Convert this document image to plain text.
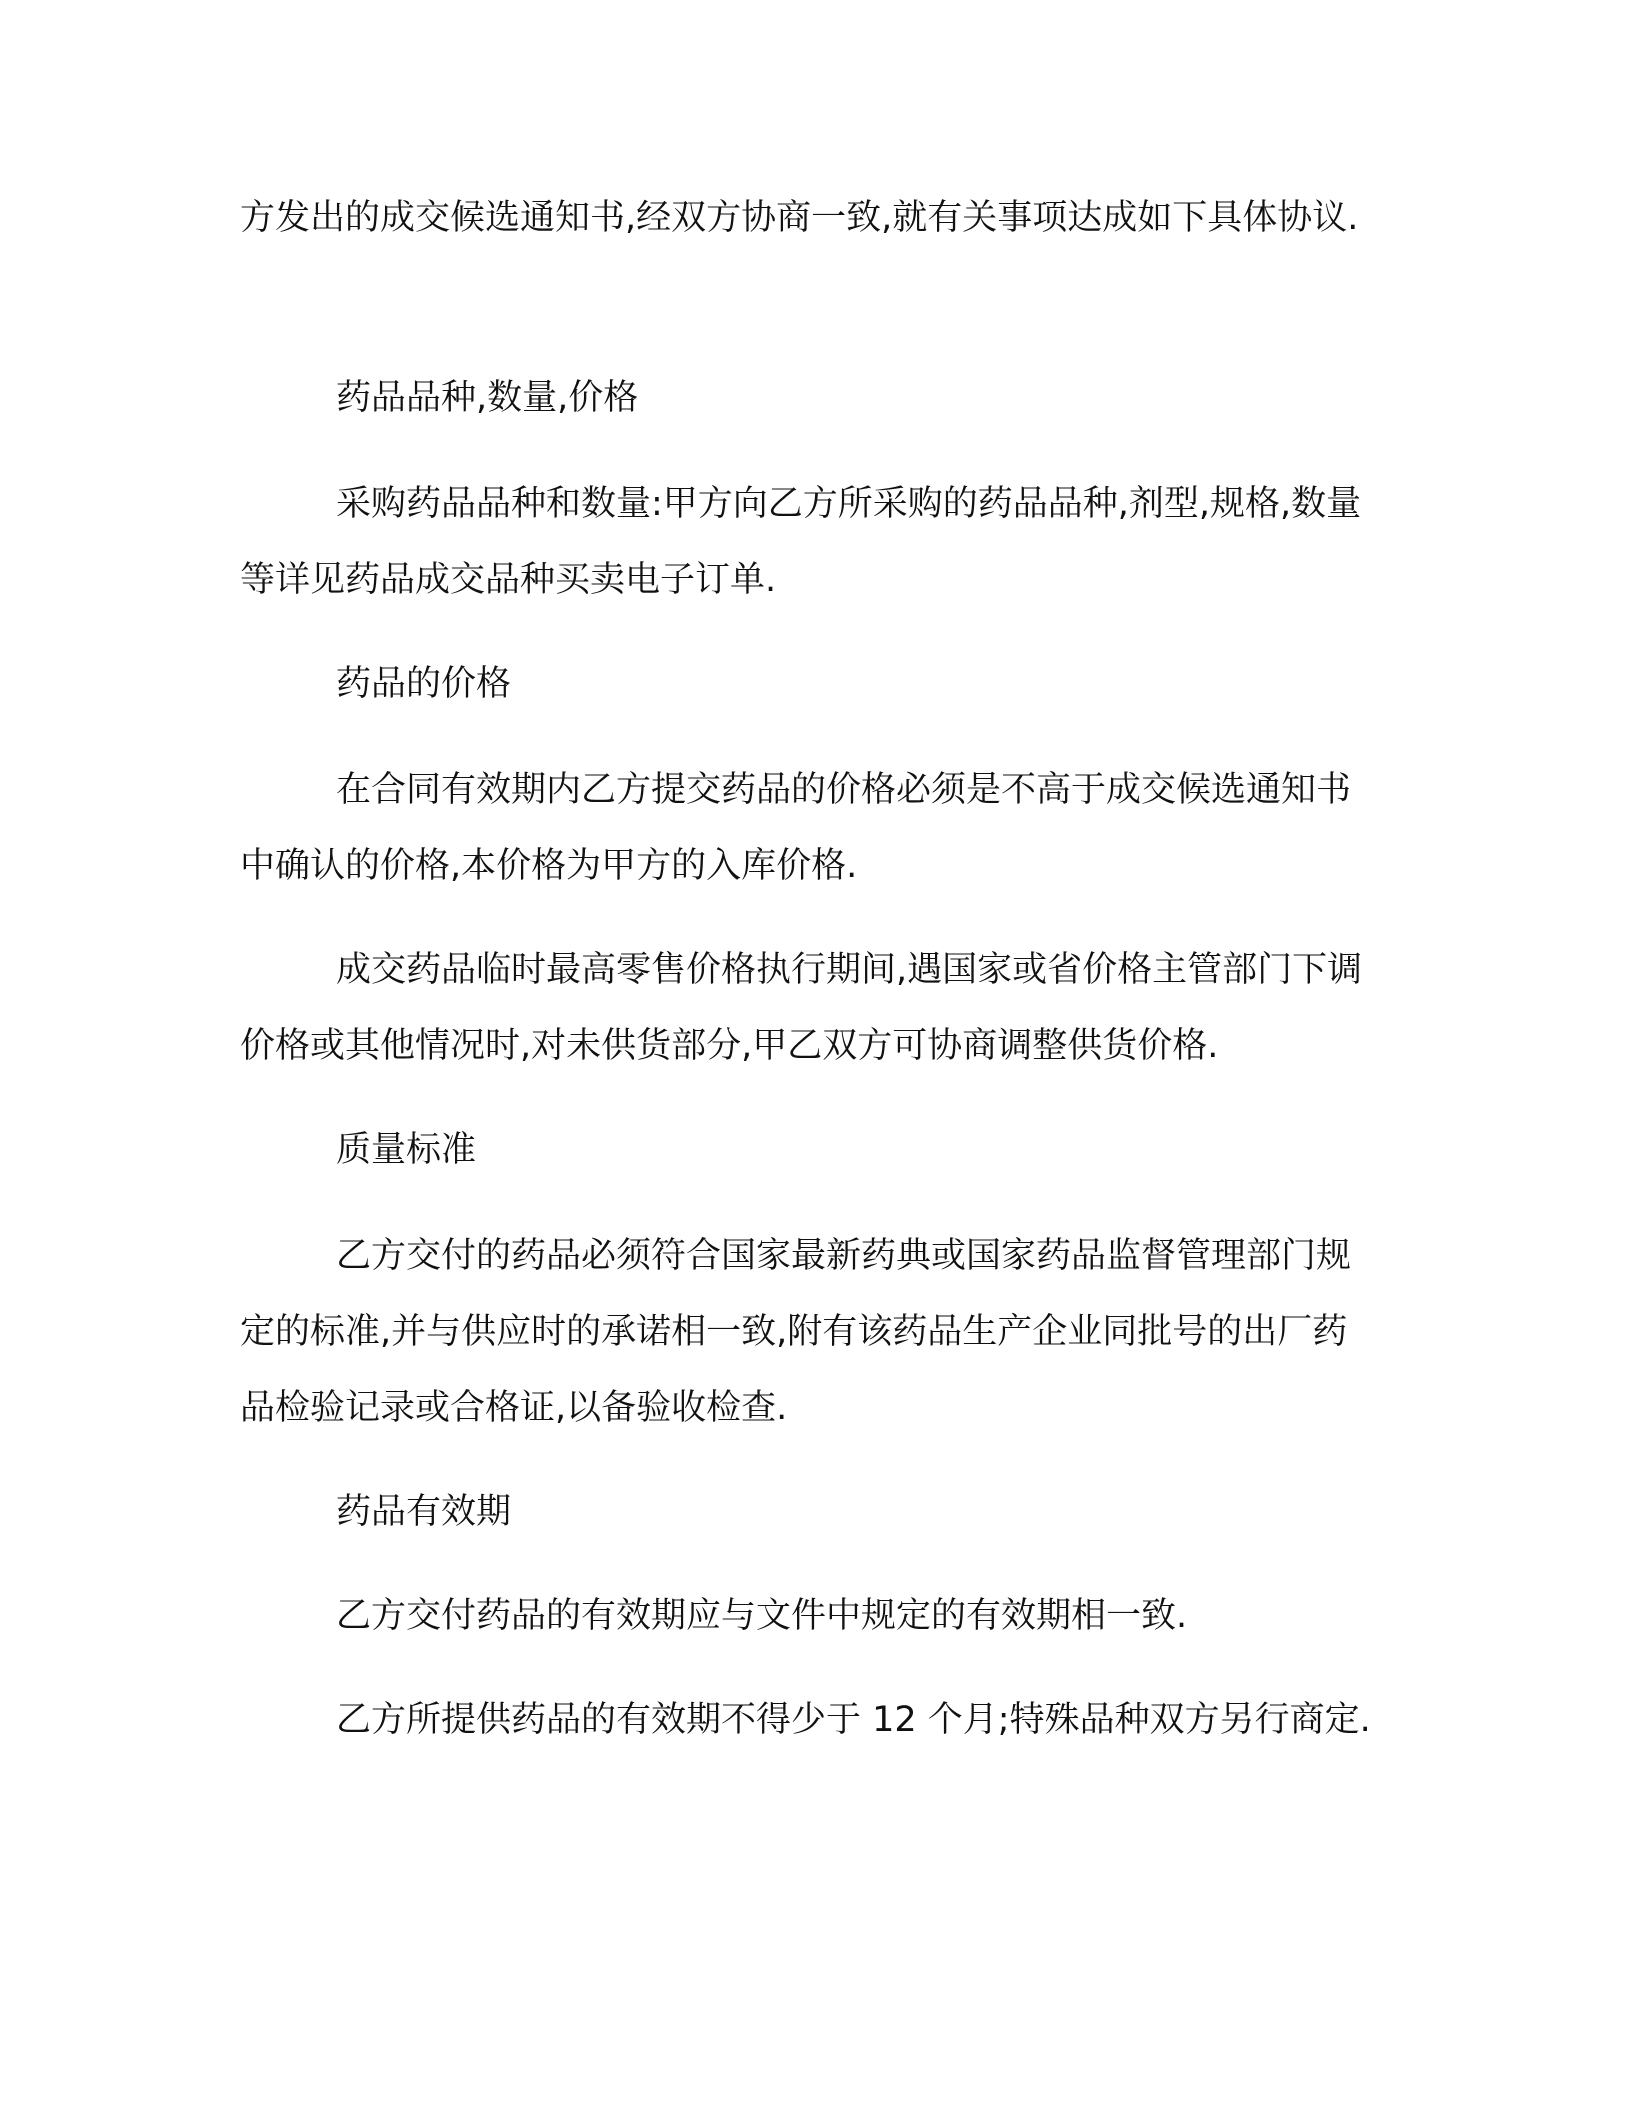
方发出的成交候选通知书,经双方协商一致,就有关事项达成如下具体协议.

药品品种,数量,价格

采购药品品种和数量:甲方向乙方所采购的药品品种,剂型,规格,数量等详见药品成交品种买卖电子订单.

药品的价格

在合同有效期内乙方提交药品的价格必须是不高于成交候选通知书中确认的价格,本价格为甲方的入库价格.

成交药品临时最高零售价格执行期间,遇国家或省价格主管部门下调价格或其他情况时,对未供货部分,甲乙双方可协商调整供货价格.

质量标准

乙方交付的药品必须符合国家最新药典或国家药品监督管理部门规定的标准,并与供应时的承诺相一致,附有该药品生产企业同批号的出厂药品检验记录或合格证,以备验收检查.

药品有效期

乙方交付药品的有效期应与文件中规定的有效期相一致.

乙方所提供药品的有效期不得少于 12 个月;特殊品种双方另行商定.
